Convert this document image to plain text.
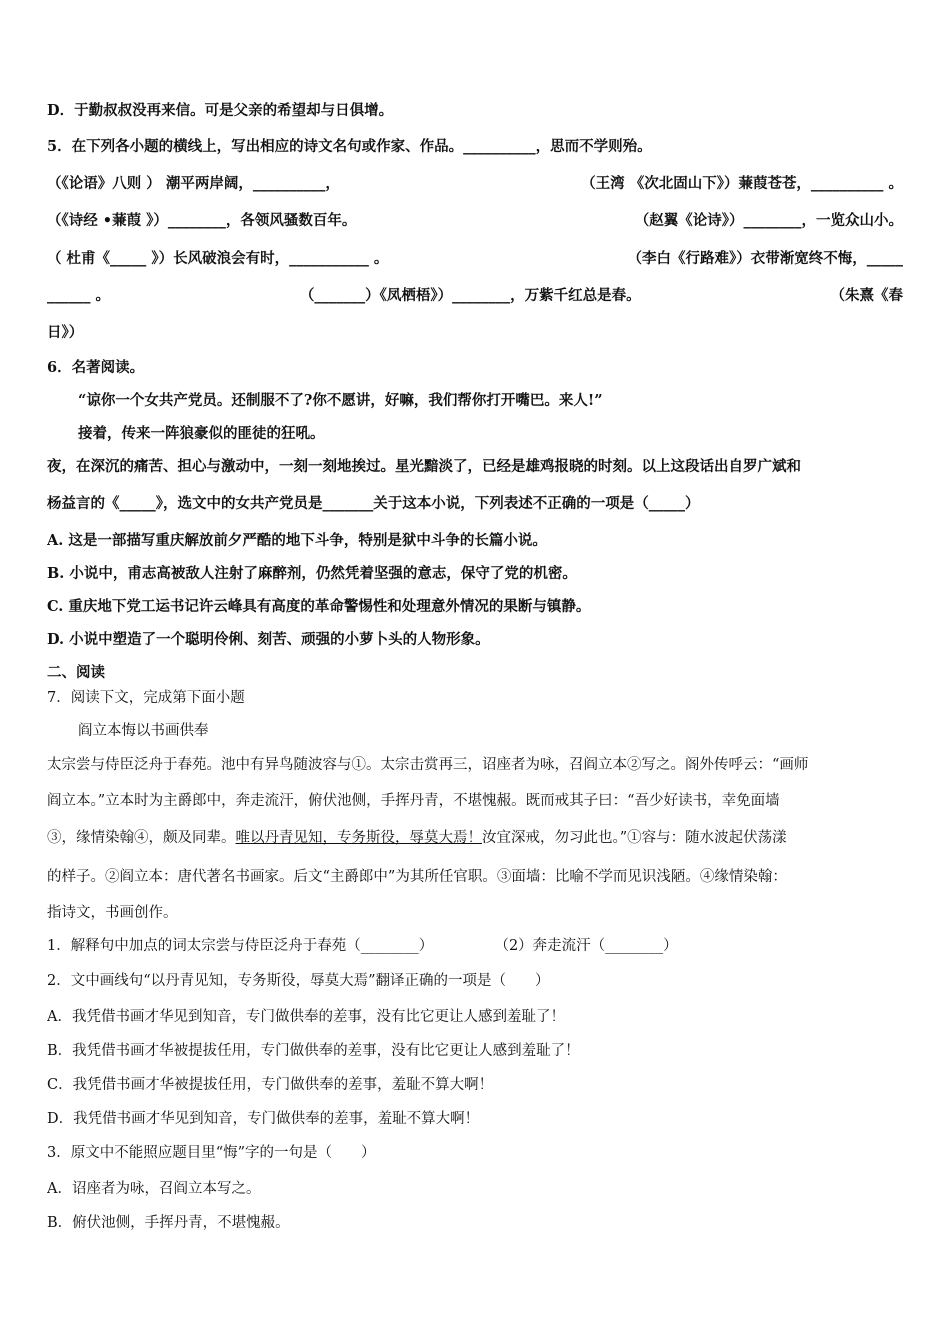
D．于勤叔叔没再来信。可是父亲的希望却与日俱增。
5．在下列各小题的横线上，写出相应的诗文名句或作家、作品。__________，思而不学则殆。
（《论语》八则 ） 潮平两岸阔，__________，	（王湾 《次北固山下》）蒹葭苍苍，__________ 。
（《诗经 •蒹葭 》）________，各领风骚数百年。	（赵翼《论诗》）________，一览众山小。
（ 杜甫《_____ 》）长风破浪会有时，___________ 。	（李白《行路难》）衣带渐宽终不悔，_____
______ 。	（_______）《凤栖梧》）________，万紫千红总是春。	（朱熹《春
日》）
6．名著阅读。
“谅你一个女共产党员。还制服不了?你不愿讲，好嘛，我们帮你打开嘴巴。来人!”
接着，传来一阵狼豪似的匪徒的狂吼。
夜，在深沉的痛苦、担心与激动中，一刻一刻地挨过。星光黯淡了，已经是雄鸡报晓的时刻。以上这段话出自罗广斌和
杨益言的《_____》，选文中的女共产党员是_______关于这本小说，下列表述不正确的一项是（_____）
A. 这是一部描写重庆解放前夕严酷的地下斗争，特别是狱中斗争的长篇小说。
B. 小说中，甫志高被敌人注射了麻醉剂，仍然凭着坚强的意志，保守了党的机密。
C. 重庆地下党工运书记许云峰具有高度的革命警惕性和处理意外情况的果断与镇静。
D. 小说中塑造了一个聪明伶俐、刻苦、顽强的小萝卜头的人物形象。
二、阅读
7．阅读下文，完成第下面小题
阎立本悔以书画供奉
太宗尝与侍臣泛舟于春苑。池中有异鸟随波容与①。太宗击赏再三，诏座者为咏，召阎立本②写之。阁外传呼云：“画师
阎立本。”立本时为主爵郎中，奔走流汗，俯伏池侧，手挥丹青，不堪愧赧。既而戒其子曰：“吾少好读书，幸免面墙
③，缘情染翰④，颇及同辈。唯以丹青见知，专务斯役，辱莫大焉！汝宜深戒，勿习此也。”①容与：随水波起伏荡漾
的样子。②阎立本：唐代著名书画家。后文“主爵郎中”为其所任官职。③面墙：比喻不学而见识浅陋。④缘情染翰：
指诗文，书画创作。
1．解释句中加点的词太宗尝与侍臣泛舟于春苑（________）	（2）奔走流汗（________）
2．文中画线句“以丹青见知，专务斯役，辱莫大焉”翻译正确的一项是（　　）
A．我凭借书画才华见到知音，专门做供奉的差事，没有比它更让人感到羞耻了！
B．我凭借书画才华被提拔任用，专门做供奉的差事，没有比它更让人感到羞耻了！
C．我凭借书画才华被提拔任用，专门做供奉的差事，羞耻不算大啊！
D．我凭借书画才华见到知音，专门做供奉的差事，羞耻不算大啊！
3．原文中不能照应题目里“悔”字的一句是（　　）
A．诏座者为咏，召阎立本写之。
B．俯伏池侧，手挥丹青，不堪愧赧。
